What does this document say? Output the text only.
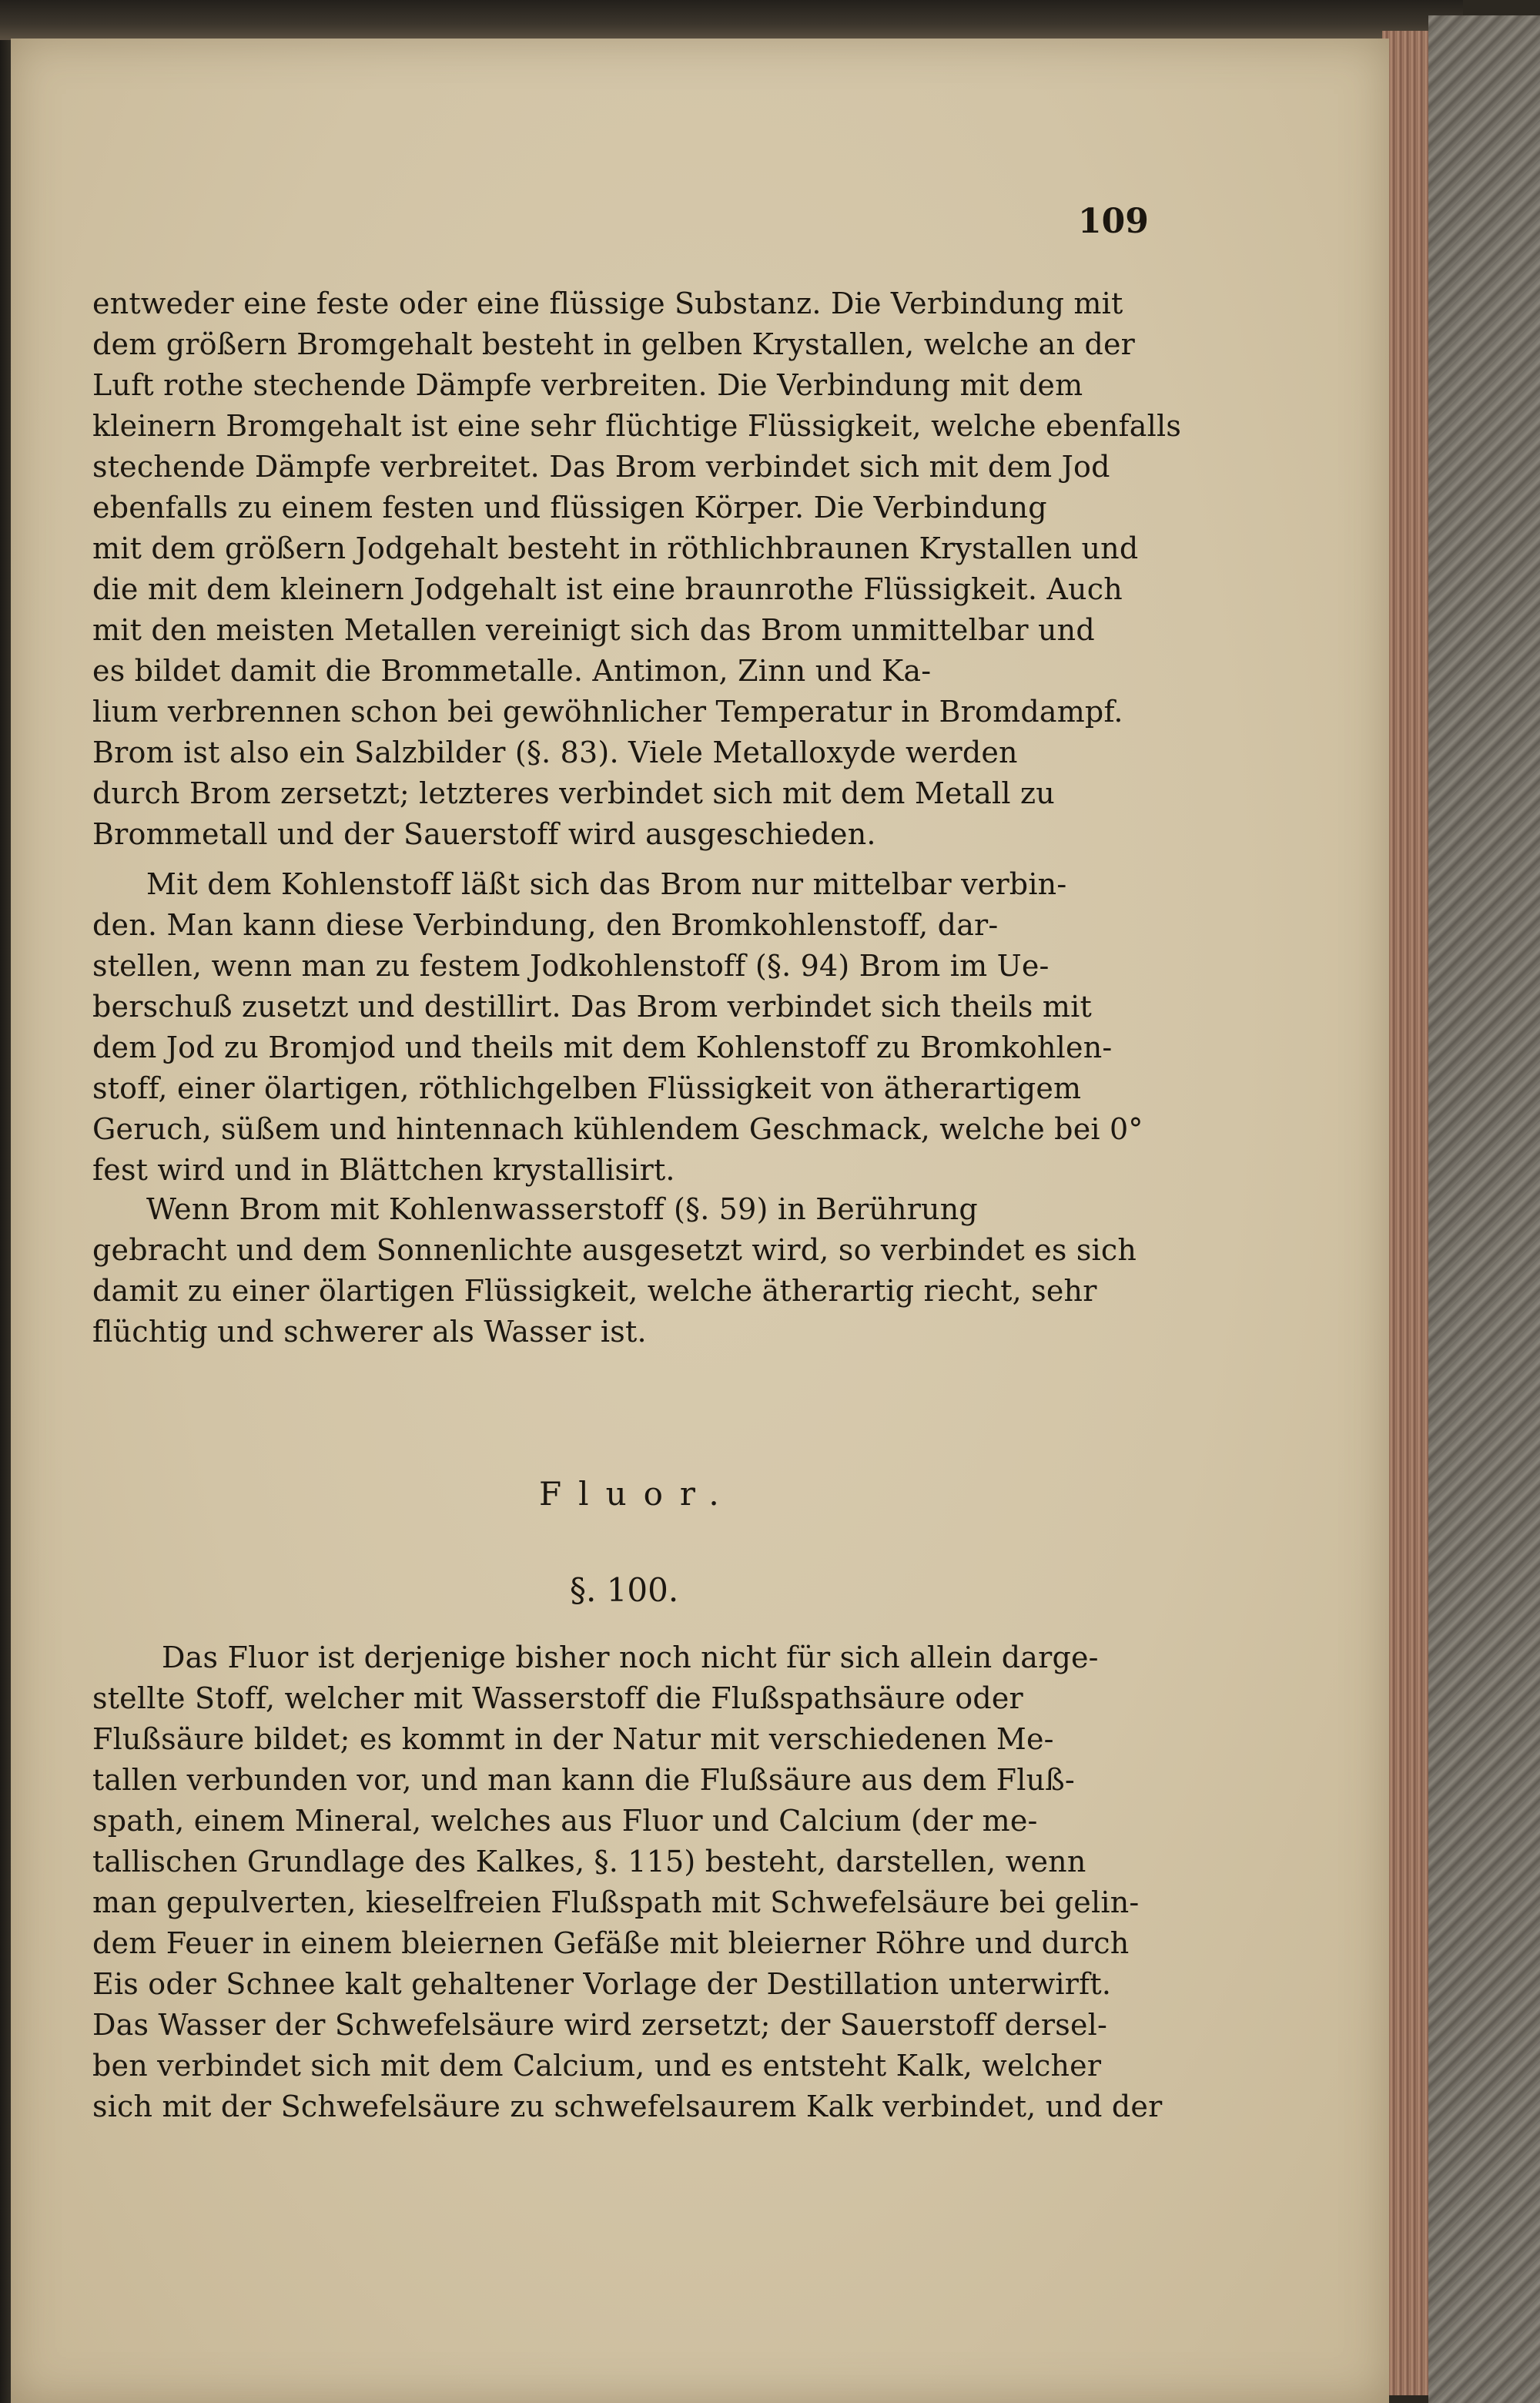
109
entweder eine feste oder eine flüssige Substanz. Die Verbindung mit
dem größern Bromgehalt besteht in gelben Krystallen, welche an der
Luft rothe stechende Dämpfe verbreiten. Die Verbindung mit dem
kleinern Bromgehalt ist eine sehr flüchtige Flüssigkeit, welche ebenfalls
stechende Dämpfe verbreitet. Das Brom verbindet sich mit dem Jod
ebenfalls zu einem festen und flüssigen Körper. Die Verbindung
mit dem größern Jodgehalt besteht in röthlichbraunen Krystallen und
die mit dem kleinern Jodgehalt ist eine braunrothe Flüssigkeit. Auch
mit den meisten Metallen vereinigt sich das Brom unmittelbar und
es bildet damit die Brommetalle. Antimon, Zinn und Ka-
lium verbrennen schon bei gewöhnlicher Temperatur in Bromdampf.
Brom ist also ein Salzbilder (§. 83). Viele Metalloxyde werden
durch Brom zersetzt; letzteres verbindet sich mit dem Metall zu
Brommetall und der Sauerstoff wird ausgeschieden.
Mit dem Kohlenstoff läßt sich das Brom nur mittelbar verbin-
den. Man kann diese Verbindung, den Bromkohlenstoff, dar-
stellen, wenn man zu festem Jodkohlenstoff (§. 94) Brom im Ue-
berschuß zusetzt und destillirt. Das Brom verbindet sich theils mit
dem Jod zu Bromjod und theils mit dem Kohlenstoff zu Bromkohlen-
stoff, einer ölartigen, röthlichgelben Flüssigkeit von ätherartigem
Geruch, süßem und hintennach kühlendem Geschmack, welche bei 0°
fest wird und in Blättchen krystallisirt.
Wenn Brom mit Kohlenwasserstoff (§. 59) in Berührung
gebracht und dem Sonnenlichte ausgesetzt wird, so verbindet es sich
damit zu einer ölartigen Flüssigkeit, welche ätherartig riecht, sehr
flüchtig und schwerer als Wasser ist.
Fluor.
§. 100.
Das Fluor ist derjenige bisher noch nicht für sich allein darge-
stellte Stoff, welcher mit Wasserstoff die Flußspathsäure oder
Flußsäure bildet; es kommt in der Natur mit verschiedenen Me-
tallen verbunden vor, und man kann die Flußsäure aus dem Fluß-
spath, einem Mineral, welches aus Fluor und Calcium (der me-
tallischen Grundlage des Kalkes, §. 115) besteht, darstellen, wenn
man gepulverten, kieselfreien Flußspath mit Schwefelsäure bei gelin-
dem Feuer in einem bleiernen Gefäße mit bleierner Röhre und durch
Eis oder Schnee kalt gehaltener Vorlage der Destillation unterwirft.
Das Wasser der Schwefelsäure wird zersetzt; der Sauerstoff dersel-
ben verbindet sich mit dem Calcium, und es entsteht Kalk, welcher
sich mit der Schwefelsäure zu schwefelsaurem Kalk verbindet, und der
